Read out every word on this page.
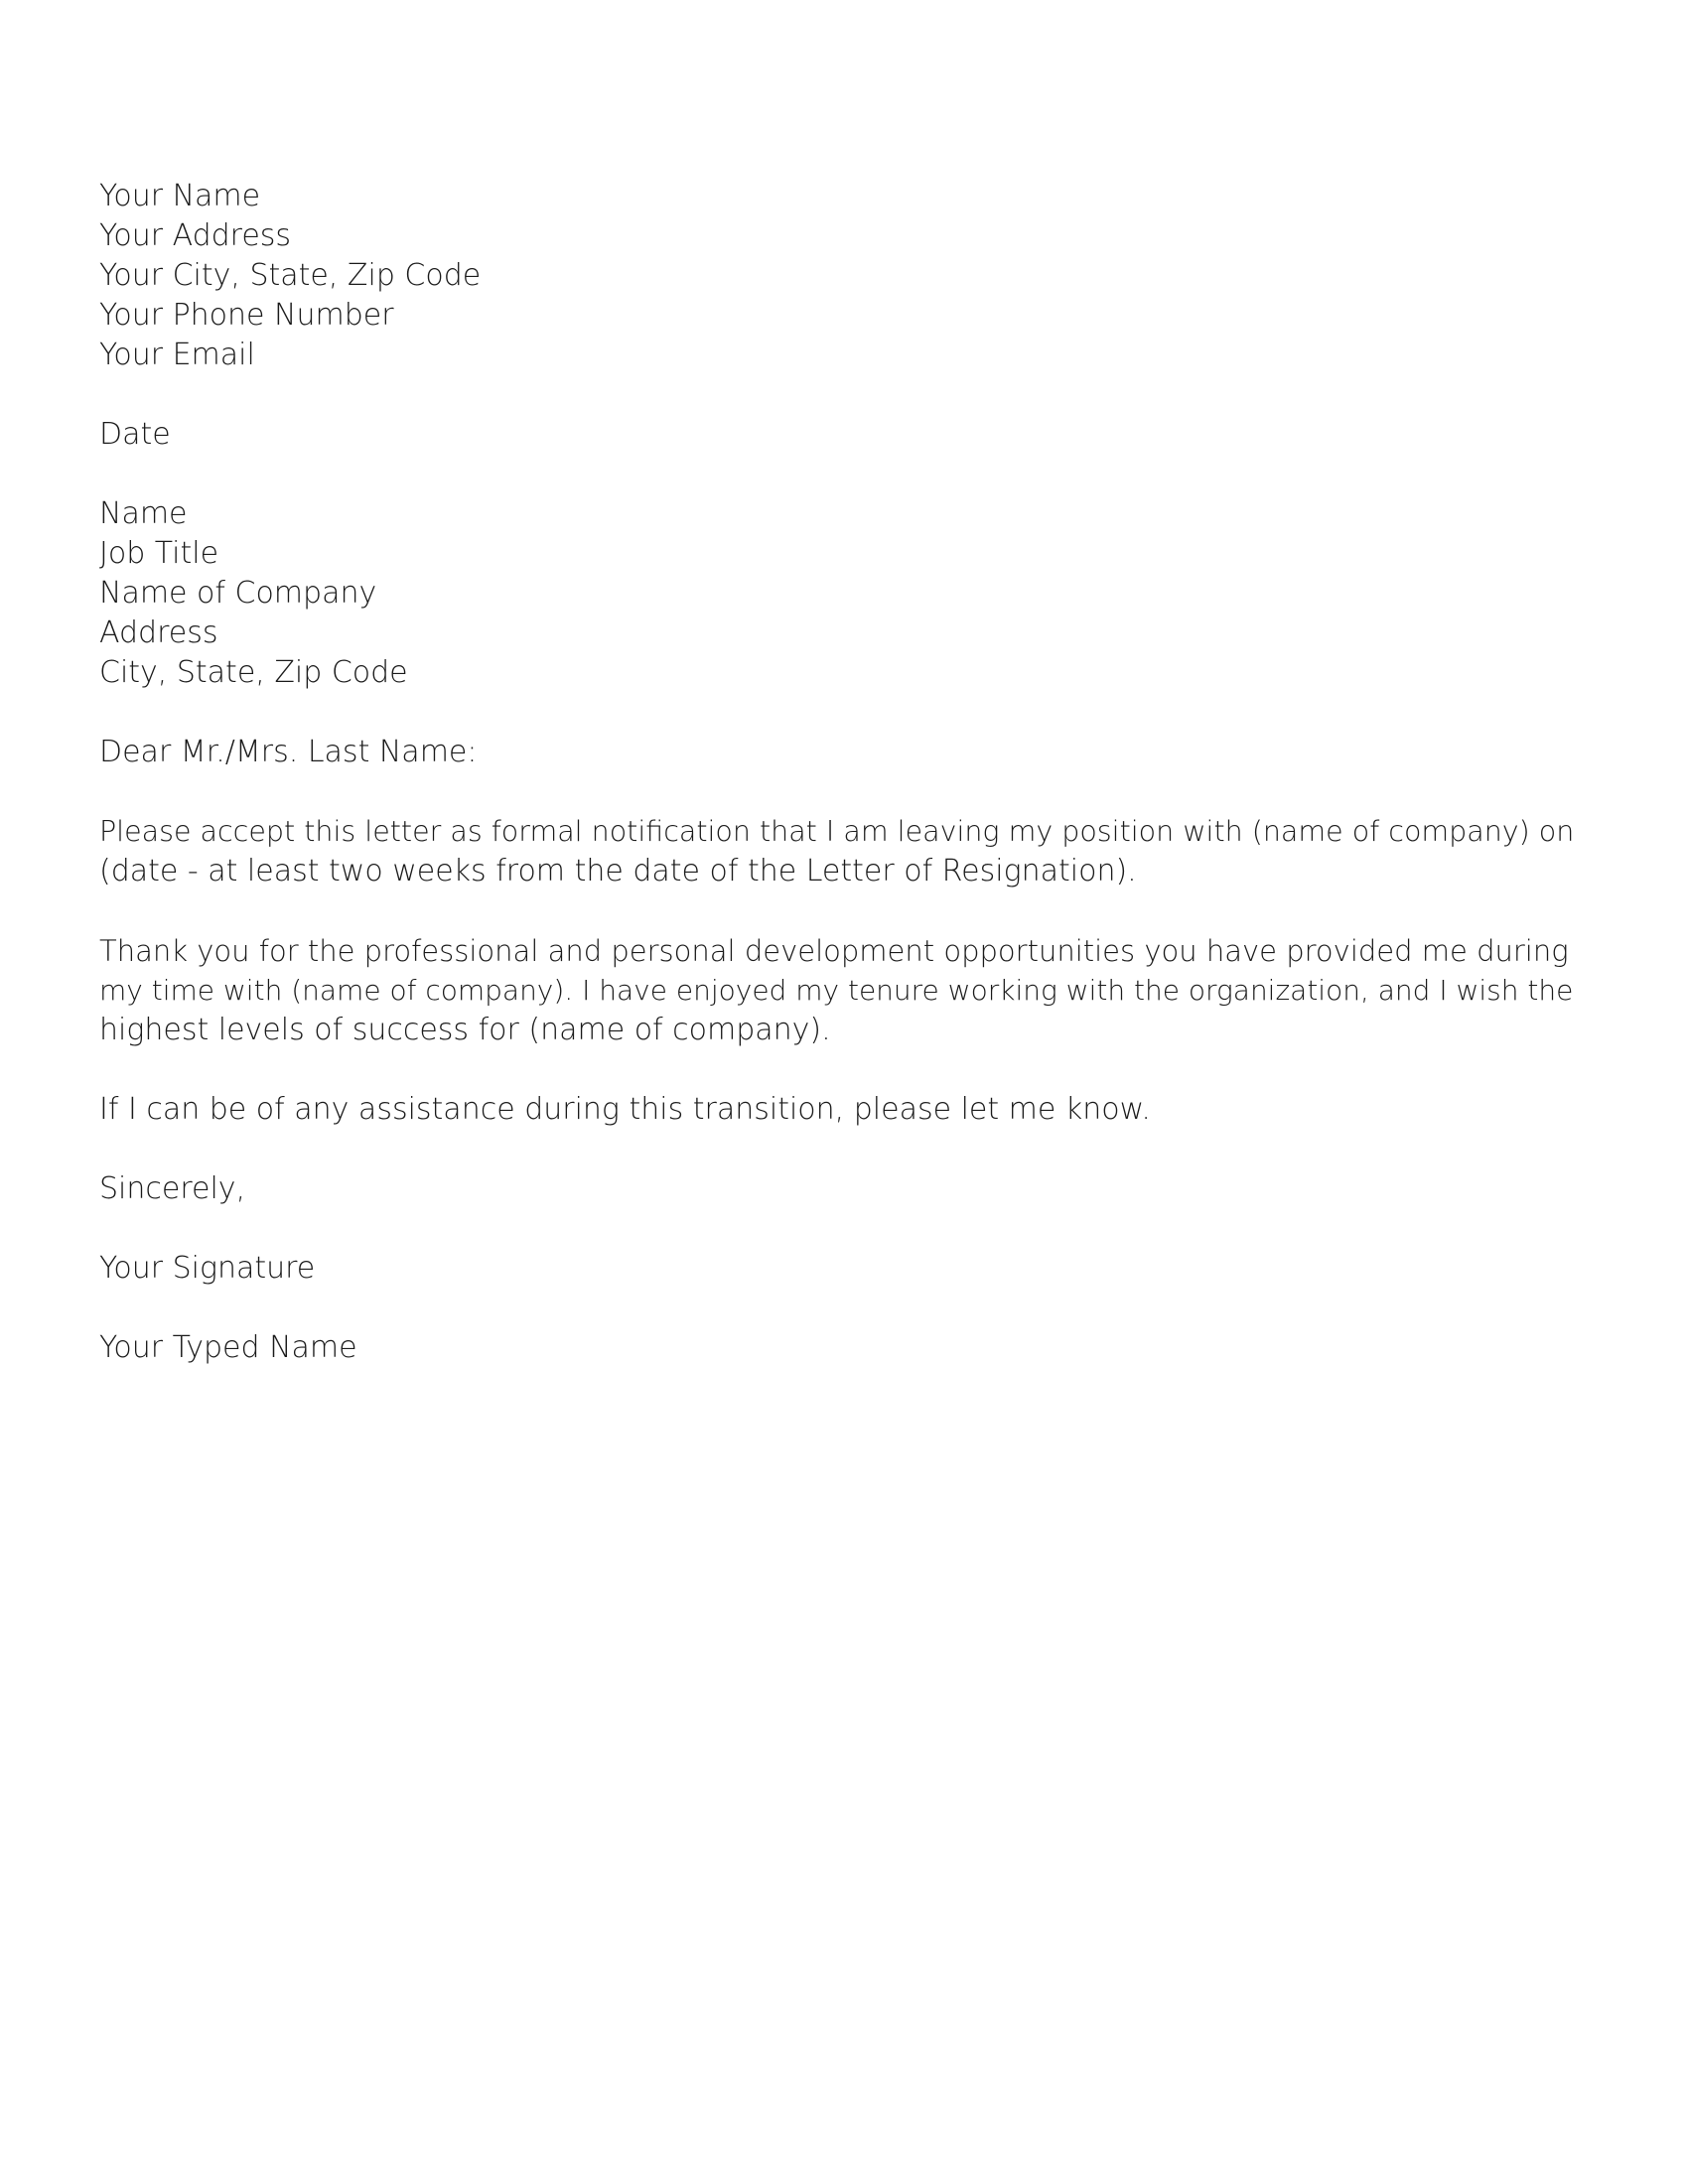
Your Name
Your Address
Your City, State, Zip Code
Your Phone Number
Your Email
Date
Name
Job Title
Name of Company
Address
City, State, Zip Code
Dear Mr./Mrs. Last Name:
Please accept this letter as formal notification that I am leaving my position with (name of company) on
(date - at least two weeks from the date of the Letter of Resignation).
Thank you for the professional and personal development opportunities you have provided me during
my time with (name of company). I have enjoyed my tenure working with the organization, and I wish the
highest levels of success for (name of company).
If I can be of any assistance during this transition, please let me know.
Sincerely,
Your Signature
Your Typed Name
